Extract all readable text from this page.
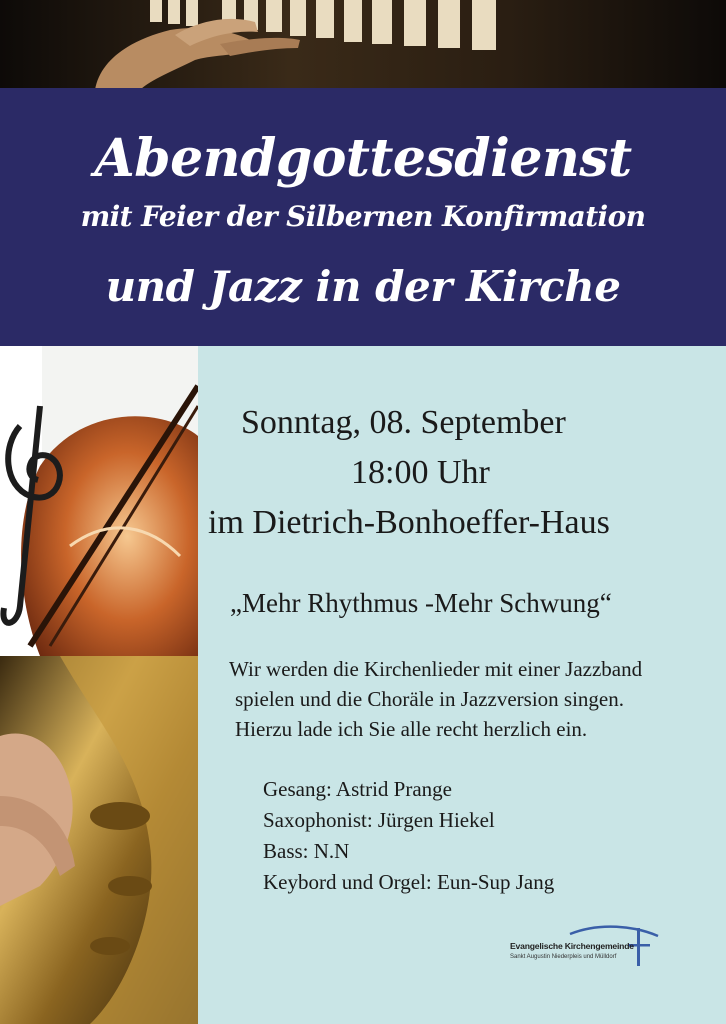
Abendgottesdienst
mit Feier der Silbernen Konfirmation
und Jazz in der Kirche
Sonntag, 08. September
18:00 Uhr
im Dietrich-Bonhoeffer-Haus
„Mehr Rhythmus -Mehr Schwung“
Wir werden die Kirchenlieder mit einer Jazzband
spielen und die Choräle in Jazzversion singen.
Hierzu lade ich Sie alle recht herzlich ein.
Gesang: Astrid Prange
Saxophonist: Jürgen Hiekel
Bass: N.N
Keybord und Orgel: Eun-Sup Jang
Evangelische Kirchengemeinde
Sankt Augustin Niederpleis und Mülldorf
